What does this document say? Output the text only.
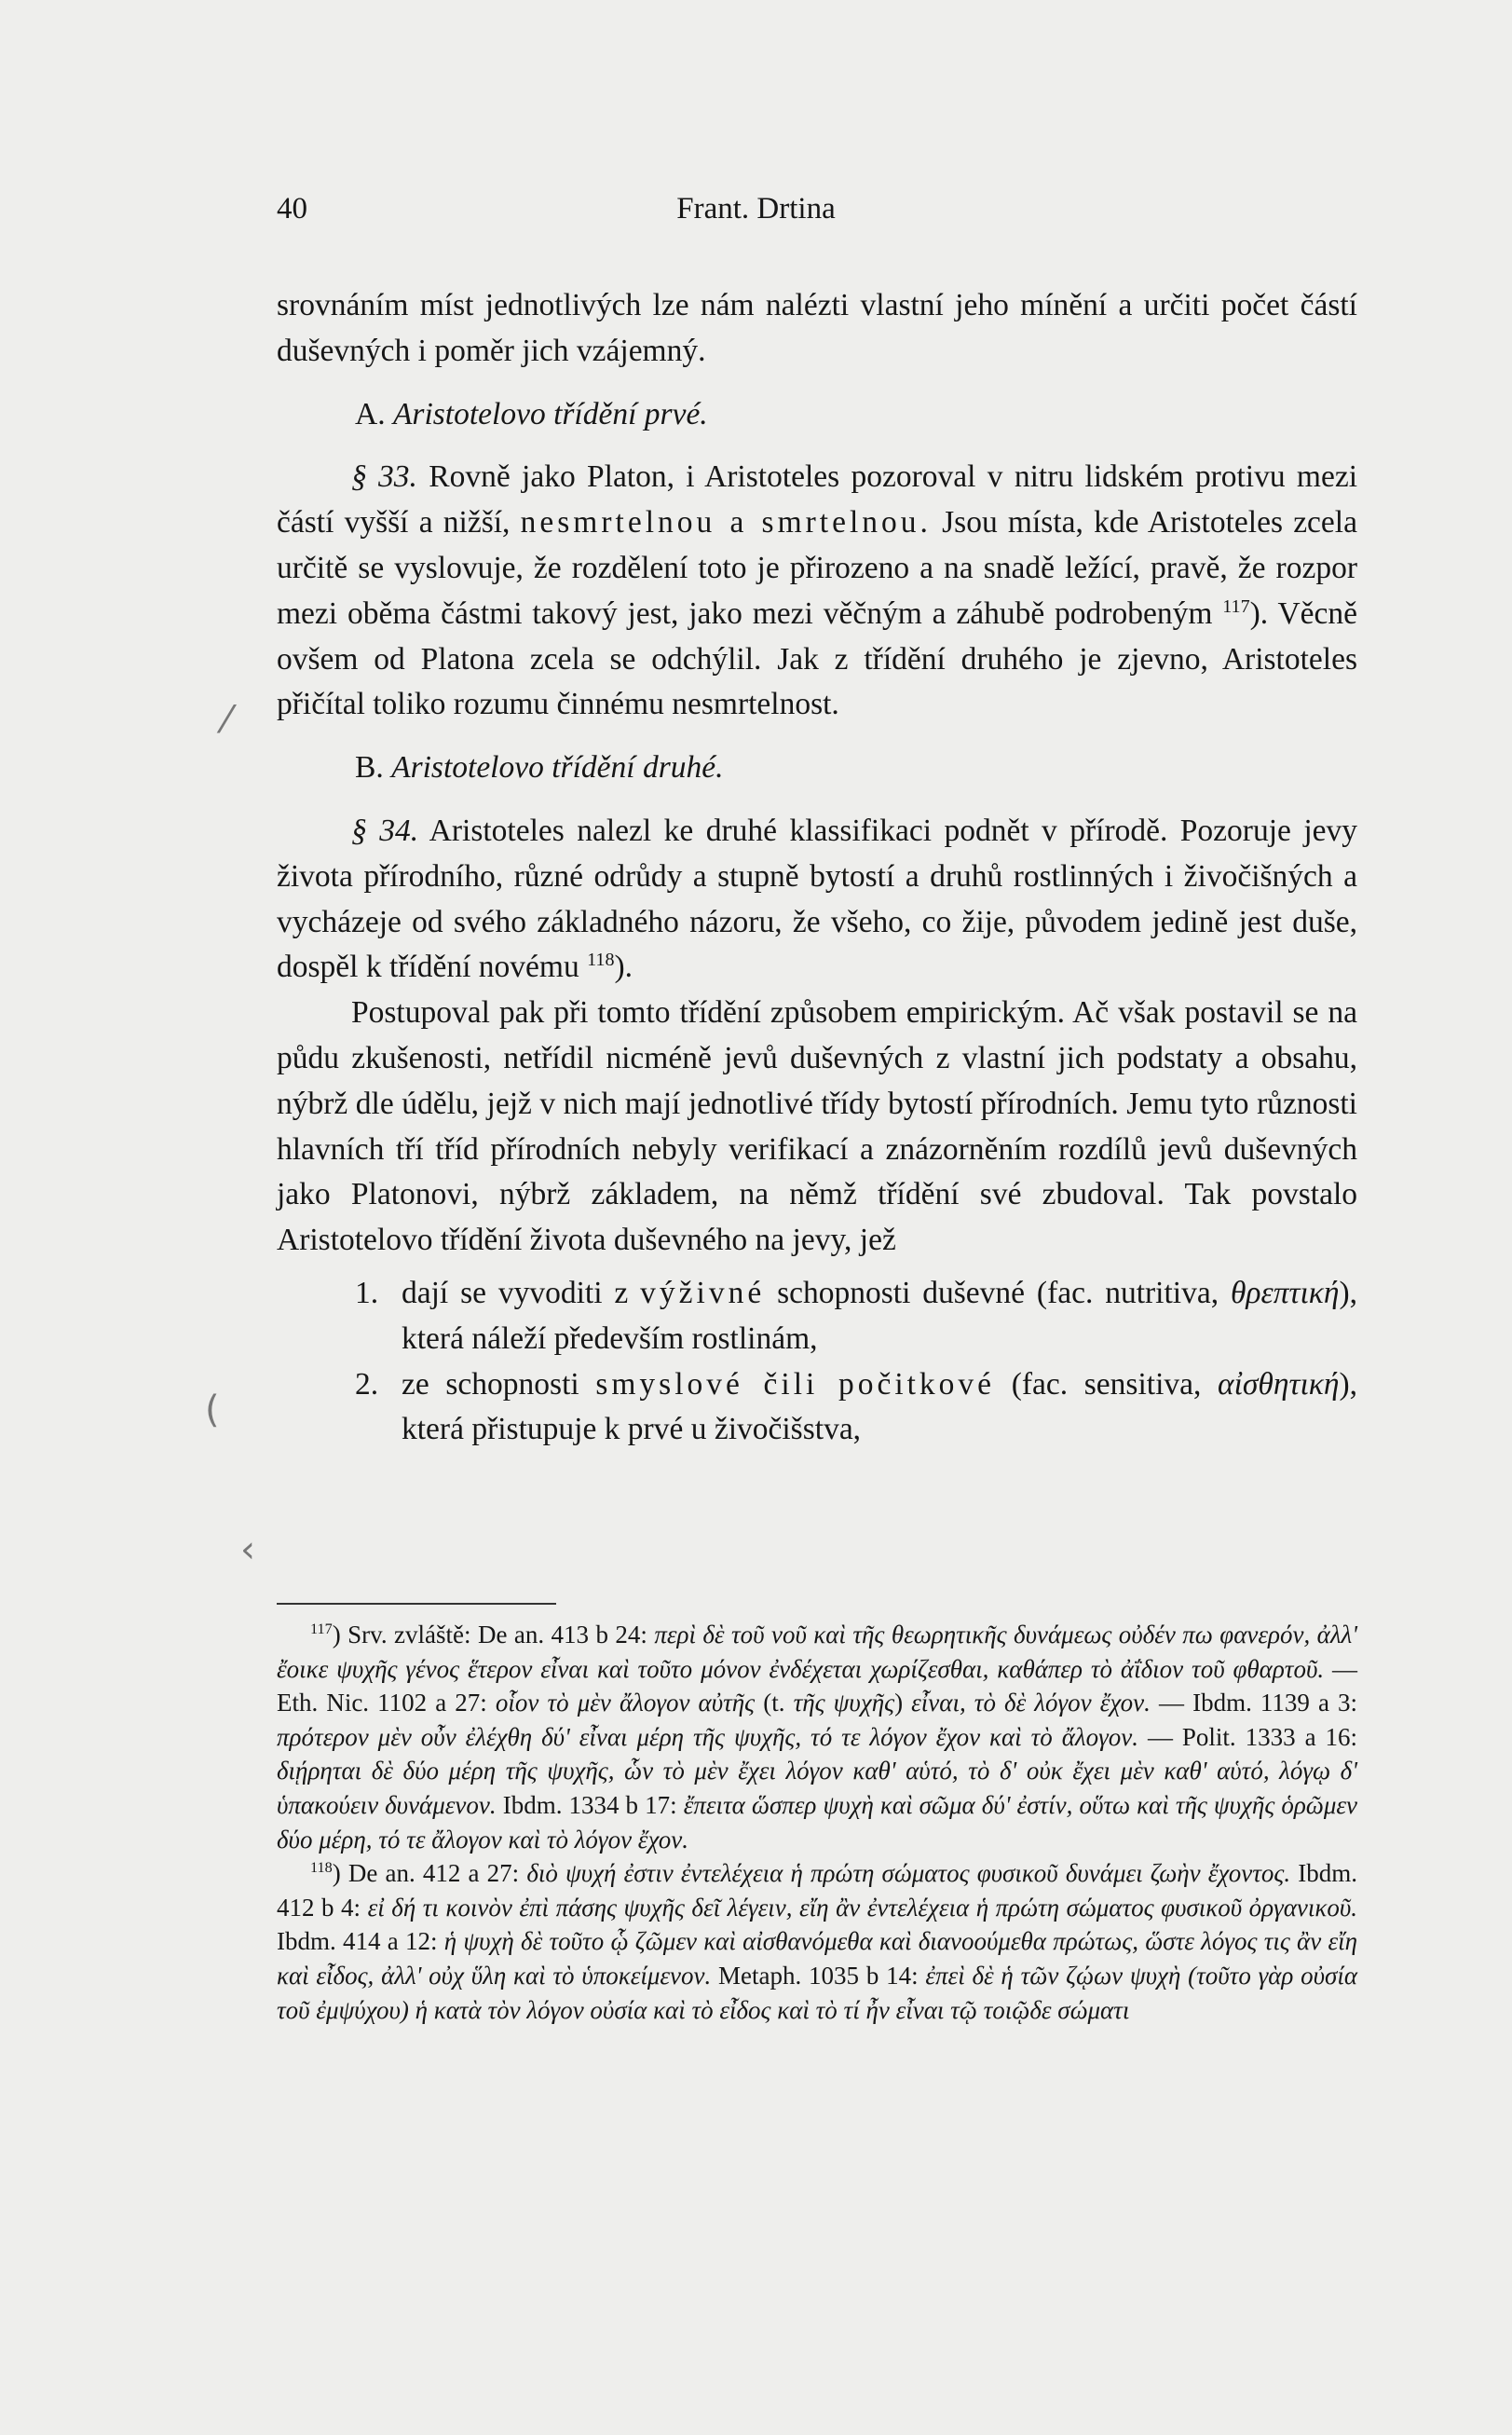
40	Frant. Drtina

srovnáním míst jednotlivých lze nám nalézti vlastní jeho mínění a určiti počet částí duševných i poměr jich vzájemný.

A. Aristotelovo třídění prvé.

§ 33. Rovně jako Platon, i Aristoteles pozoroval v nitru lidském protivu mezi částí vyšší a nižší, nesmrtelnou a smrtelnou. Jsou místa, kde Aristoteles zcela určitě se vyslovuje, že rozdělení toto je přirozeno a na snadě ležící, pravě, že rozpor mezi oběma částmi takový jest, jako mezi věčným a záhubě podrobeným $^{117}$). Věcně ovšem od Platona zcela se odchýlil. Jak z třídění druhého je zjevno, Aristoteles přičítal toliko rozumu činnému nesmrtelnost.

B. Aristotelovo třídění druhé.

§ 34. Aristoteles nalezl ke druhé klassifikaci podnět v přírodě. Pozoruje jevy života přírodního, různé odrůdy a stupně bytostí a druhů rostlinných i živočišných a vycházeje od svého základného názoru, že všeho, co žije, původem jedině jest duše, dospěl k třídění novému $^{118}$).

Postupoval pak při tomto třídění způsobem empirickým. Ač však postavil se na půdu zkušenosti, netřídil nicméně jevů duševných z vlastní jich podstaty a obsahu, nýbrž dle údělu, jejž v nich mají jednotlivé třídy bytostí přírodních. Jemu tyto různosti hlavních tří tříd přírodních nebyly verifikací a znázorněním rozdílů jevů duševných jako Platonovi, nýbrž základem, na němž třídění své zbudoval. Tak povstalo Aristotelovo třídění života duševného na jevy, jež

1. dají se vyvoditi z výživné schopnosti duševné (fac. nutritiva, θρεπτική), která náleží především rostlinám,
2. ze schopnosti smyslové čili počitkové (fac. sensitiva, αἰσθητική), která přistupuje k prvé u živočišstva,

$^{117}$) Srv. zvláště: De an. 413 b 24: περὶ δὲ τοῦ νοῦ καὶ τῆς θεωρητικῆς δυνάμεως οὐδέν πω φανερόν, ἀλλ' ἔοικε ψυχῆς γένος ἕτερον εἶναι καὶ τοῦτο μόνον ἐνδέχεται χωρίζεσθαι, καθάπερ τὸ ἀΐδιον τοῦ φθαρτοῦ. — Eth. Nic. 1102 a 27: οἷον τὸ μὲν ἄλογον αὐτῆς (t. τῆς ψυχῆς) εἶναι, τὸ δὲ λόγον ἔχον. — Ibdm. 1139 a 3: πρότερον μὲν οὖν ἐλέχθη δύ' εἶναι μέρη τῆς ψυχῆς, τό τε λόγον ἔχον καὶ τὸ ἄλογον. — Polit. 1333 a 16: διῄρηται δὲ δύο μέρη τῆς ψυχῆς, ὧν τὸ μὲν ἔχει λόγον καθ' αὑτό, τὸ δ' οὐκ ἔχει μὲν καθ' αὑτό, λόγῳ δ' ὑπακούειν δυνάμενον. Ibdm. 1334 b 17: ἔπειτα ὥσπερ ψυχὴ καὶ σῶμα δύ' ἐστίν, οὕτω καὶ τῆς ψυχῆς ὁρῶμεν δύο μέρη, τό τε ἄλογον καὶ τὸ λόγον ἔχον.

$^{118}$) De an. 412 a 27: διὸ ψυχή ἐστιν ἐντελέχεια ἡ πρώτη σώματος φυσικοῦ δυνάμει ζωὴν ἔχοντος. Ibdm. 412 b 4: εἰ δή τι κοινὸν ἐπὶ πάσης ψυχῆς δεῖ λέγειν, εἴη ἂν ἐντελέχεια ἡ πρώτη σώματος φυσικοῦ ὀργανικοῦ. Ibdm. 414 a 12: ἡ ψυχὴ δὲ τοῦτο ᾧ ζῶμεν καὶ αἰσθανόμεθα καὶ διανοούμεθα πρώτως, ὥστε λόγος τις ἂν εἴη καὶ εἶδος, ἀλλ' οὐχ ὕλη καὶ τὸ ὑποκείμενον. Metaph. 1035 b 14: ἐπεὶ δὲ ἡ τῶν ζῴων ψυχὴ (τοῦτο γὰρ οὐσία τοῦ ἐμψύχου) ἡ κατὰ τὸν λόγον οὐσία καὶ τὸ εἶδος καὶ τὸ τί ἦν εἶναι τῷ τοιῷδε σώματι

⁄
(
‹
